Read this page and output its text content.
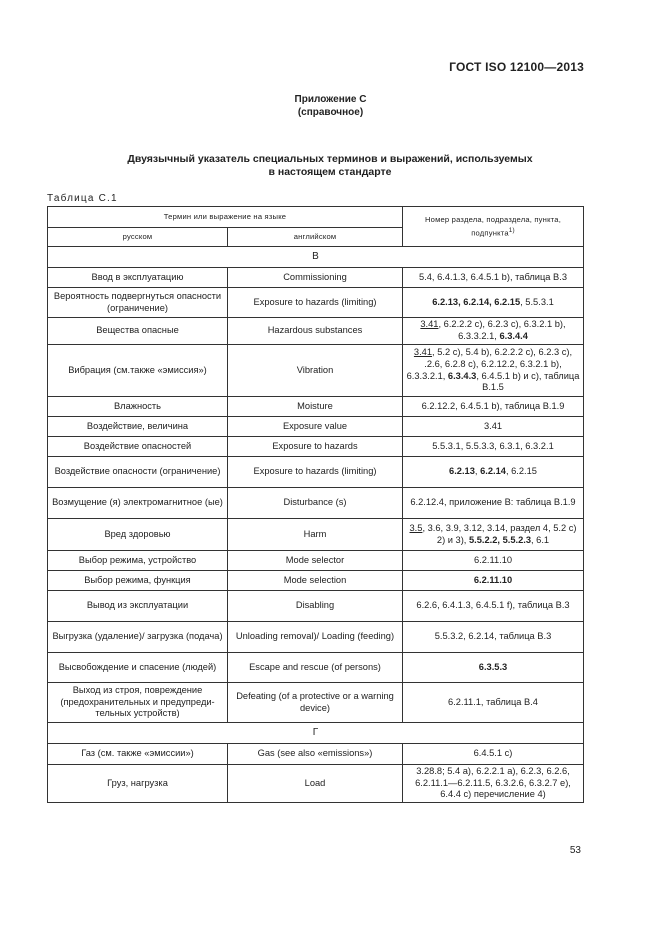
ГОСТ ISO 12100—2013
Приложение С
(справочное)
Двуязычный указатель специальных терминов и выражений, используемых
в настоящем стандарте
Таблица С.1
Термин или выражение на языке		Номер раздела, подраздела, пункта, подпункта$^{1)}$
русском	английском	
В		
Ввод в эксплуатацию	Commissioning	5.4, 6.4.1.3, 6.4.5.1 b), таблица B.3
Вероятность подвергнуться опасности (ограничение)	Exposure to hazards (limiting)	6.2.13, 6.2.14, 6.2.15, 5.5.3.1
Вещества опасные	Hazardous substances	3.41, 6.2.2.2 c), 6.2.3 c), 6.3.2.1 b), 6.3.3.2.1, 6.3.4.4
Вибрация (см.также «эмиссия»)	Vibration	3.41, 5.2 c), 5.4 b), 6.2.2.2 c), 6.2.3 c), .2.6, 6.2.8 c), 6.2.12.2, 6.3.2.1 b), 6.3.3.2.1, 6.3.4.3, 6.4.5.1 b) и c), таблица B.1.5
Влажность	Moisture	6.2.12.2, 6.4.5.1 b), таблица B.1.9
Воздействие, величина	Exposure value	3.41
Воздействие опасностей	Exposure to hazards	5.5.3.1, 5.5.3.3, 6.3.1, 6.3.2.1
Воздействие опасности (ограничение)	Exposure to hazards (limiting)	6.2.13, 6.2.14, 6.2.15
Возмущение (я) электромагнитное (ые)	Disturbance (s)	6.2.12.4, приложение B: таблица B.1.9
Вред здоровью	Harm	3.5, 3.6, 3.9, 3.12, 3.14, раздел 4, 5.2 c) 2) и 3), 5.5.2.2, 5.5.2.3, 6.1
Выбор режима, устройство	Mode selector	6.2.11.10
Выбор режима, функция	Mode selection	6.2.11.10
Вывод из эксплуатации	Disabling	6.2.6, 6.4.1.3, 6.4.5.1 f), таблица B.3
Выгрузка (удаление)/ загрузка (подача)	Unloading removal)/ Loading (feeding)	5.5.3.2, 6.2.14, таблица B.3
Высвобождение и спасение (людей)	Escape and rescue (of persons)	6.3.5.3
Выход из строя, повреждение (предохранительных и предупреди-тельных устройств)	Defeating (of a protective or a warning device)	6.2.11.1, таблица B.4
Г		
Газ (см. также «эмиссии»)	Gas (see also «emissions»)	6.4.5.1 c)
Груз, нагрузка	Load	3.28.8; 5.4 a), 6.2.2.1 a), 6.2.3, 6.2.6, 6.2.11.1—6.2.11.5, 6.3.2.6, 6.3.2.7 e), 6.4.4 c) перечисление 4)
53
